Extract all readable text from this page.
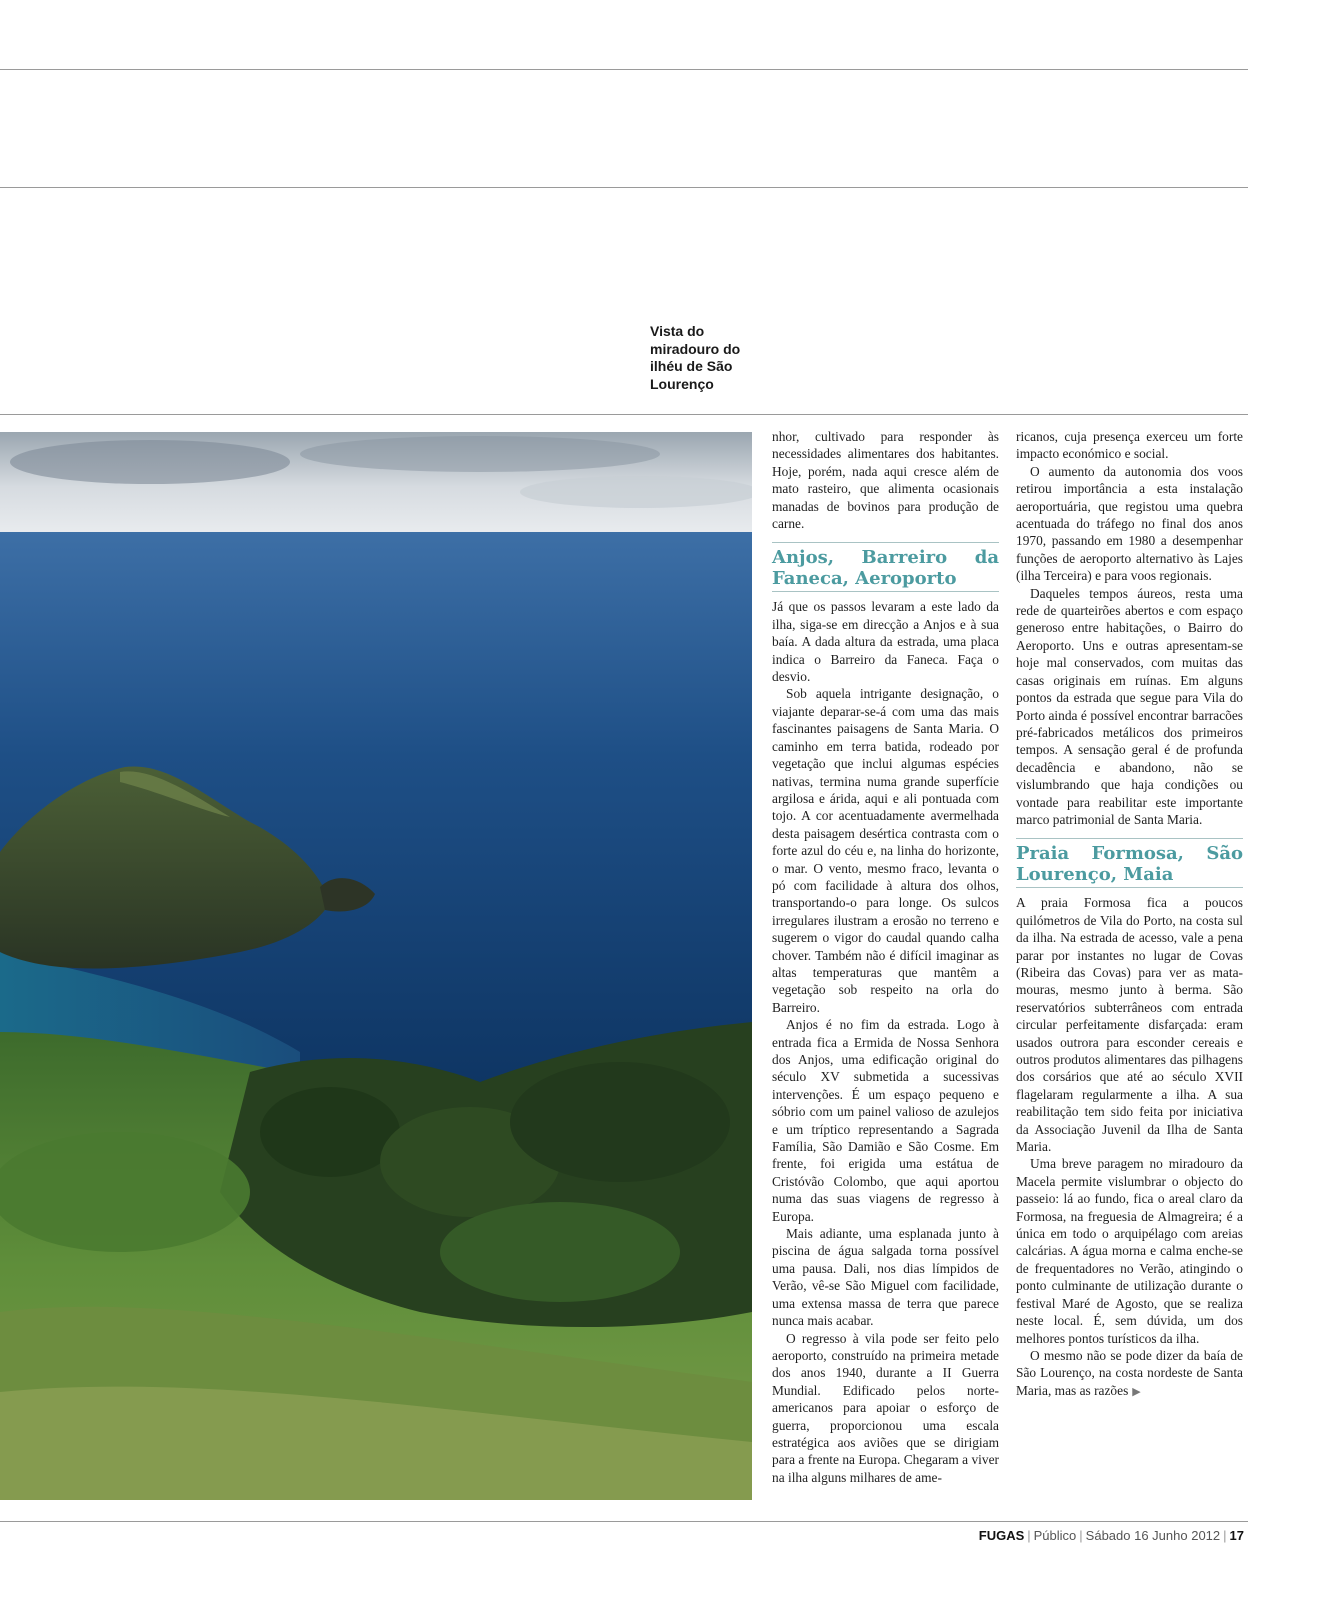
Vista do miradouro do ilhéu de São Lourenço

nhor, cultivado para responder às necessidades alimentares dos habitantes. Hoje, porém, nada aqui cresce além de mato rasteiro, que alimenta ocasionais manadas de bovinos para produção de carne.

Anjos, Barreiro da Faneca, Aeroporto

Já que os passos levaram a este lado da ilha, siga-se em direcção a Anjos e à sua baía. A dada altura da estrada, uma placa indica o Barreiro da Faneca. Faça o desvio.

Sob aquela intrigante designação, o viajante deparar-se-á com uma das mais fascinantes paisagens de Santa Maria. O caminho em terra batida, rodeado por vegetação que inclui algumas espécies nativas, termina numa grande superfície argilosa e árida, aqui e ali pontuada com tojo. A cor acentuadamente avermelhada desta paisagem desértica contrasta com o forte azul do céu e, na linha do horizonte, o mar. O vento, mesmo fraco, levanta o pó com facilidade à altura dos olhos, transportando-o para longe. Os sulcos irregulares ilustram a erosão no terreno e sugerem o vigor do caudal quando calha chover. Também não é difícil imaginar as altas temperaturas que mantêm a vegetação sob respeito na orla do Barreiro.

Anjos é no fim da estrada. Logo à entrada fica a Ermida de Nossa Senhora dos Anjos, uma edificação original do século XV submetida a sucessivas intervenções. É um espaço pequeno e sóbrio com um painel valioso de azulejos e um tríptico representando a Sagrada Família, São Damião e São Cosme. Em frente, foi erigida uma estátua de Cristóvão Colombo, que aqui aportou numa das suas viagens de regresso à Europa.

Mais adiante, uma esplanada junto à piscina de água salgada torna possível uma pausa. Dali, nos dias límpidos de Verão, vê-se São Miguel com facilidade, uma extensa massa de terra que parece nunca mais acabar.

O regresso à vila pode ser feito pelo aeroporto, construído na primeira metade dos anos 1940, durante a II Guerra Mundial. Edificado pelos norte-americanos para apoiar o esforço de guerra, proporcionou uma escala estratégica aos aviões que se dirigiam para a frente na Europa. Chegaram a viver na ilha alguns milhares de ame-

ricanos, cuja presença exerceu um forte impacto económico e social.

O aumento da autonomia dos voos retirou importância a esta instalação aeroportuária, que registou uma quebra acentuada do tráfego no final dos anos 1970, passando em 1980 a desempenhar funções de aeroporto alternativo às Lajes (ilha Terceira) e para voos regionais.

Daqueles tempos áureos, resta uma rede de quarteirões abertos e com espaço generoso entre habitações, o Bairro do Aeroporto. Uns e outras apresentam-se hoje mal conservados, com muitas das casas originais em ruínas. Em alguns pontos da estrada que segue para Vila do Porto ainda é possível encontrar barracões pré-fabricados metálicos dos primeiros tempos. A sensação geral é de profunda decadência e abandono, não se vislumbrando que haja condições ou vontade para reabilitar este importante marco patrimonial de Santa Maria.

Praia Formosa, São Lourenço, Maia

A praia Formosa fica a poucos quilómetros de Vila do Porto, na costa sul da ilha. Na estrada de acesso, vale a pena parar por instantes no lugar de Covas (Ribeira das Covas) para ver as mata-mouras, mesmo junto à berma. São reservatórios subterrâneos com entrada circular perfeitamente disfarçada: eram usados outrora para esconder cereais e outros produtos alimentares das pilhagens dos corsários que até ao século XVII flagelaram regularmente a ilha. A sua reabilitação tem sido feita por iniciativa da Associação Juvenil da Ilha de Santa Maria.

Uma breve paragem no miradouro da Macela permite vislumbrar o objecto do passeio: lá ao fundo, fica o areal claro da Formosa, na freguesia de Almagreira; é a única em todo o arquipélago com areias calcárias. A água morna e calma enche-se de frequentadores no Verão, atingindo o ponto culminante de utilização durante o festival Maré de Agosto, que se realiza neste local. É, sem dúvida, um dos melhores pontos turísticos da ilha.

O mesmo não se pode dizer da baía de São Lourenço, na costa nordeste de Santa Maria, mas as razões ▶

FUGAS | Público | Sábado 16 Junho 2012 | 17
